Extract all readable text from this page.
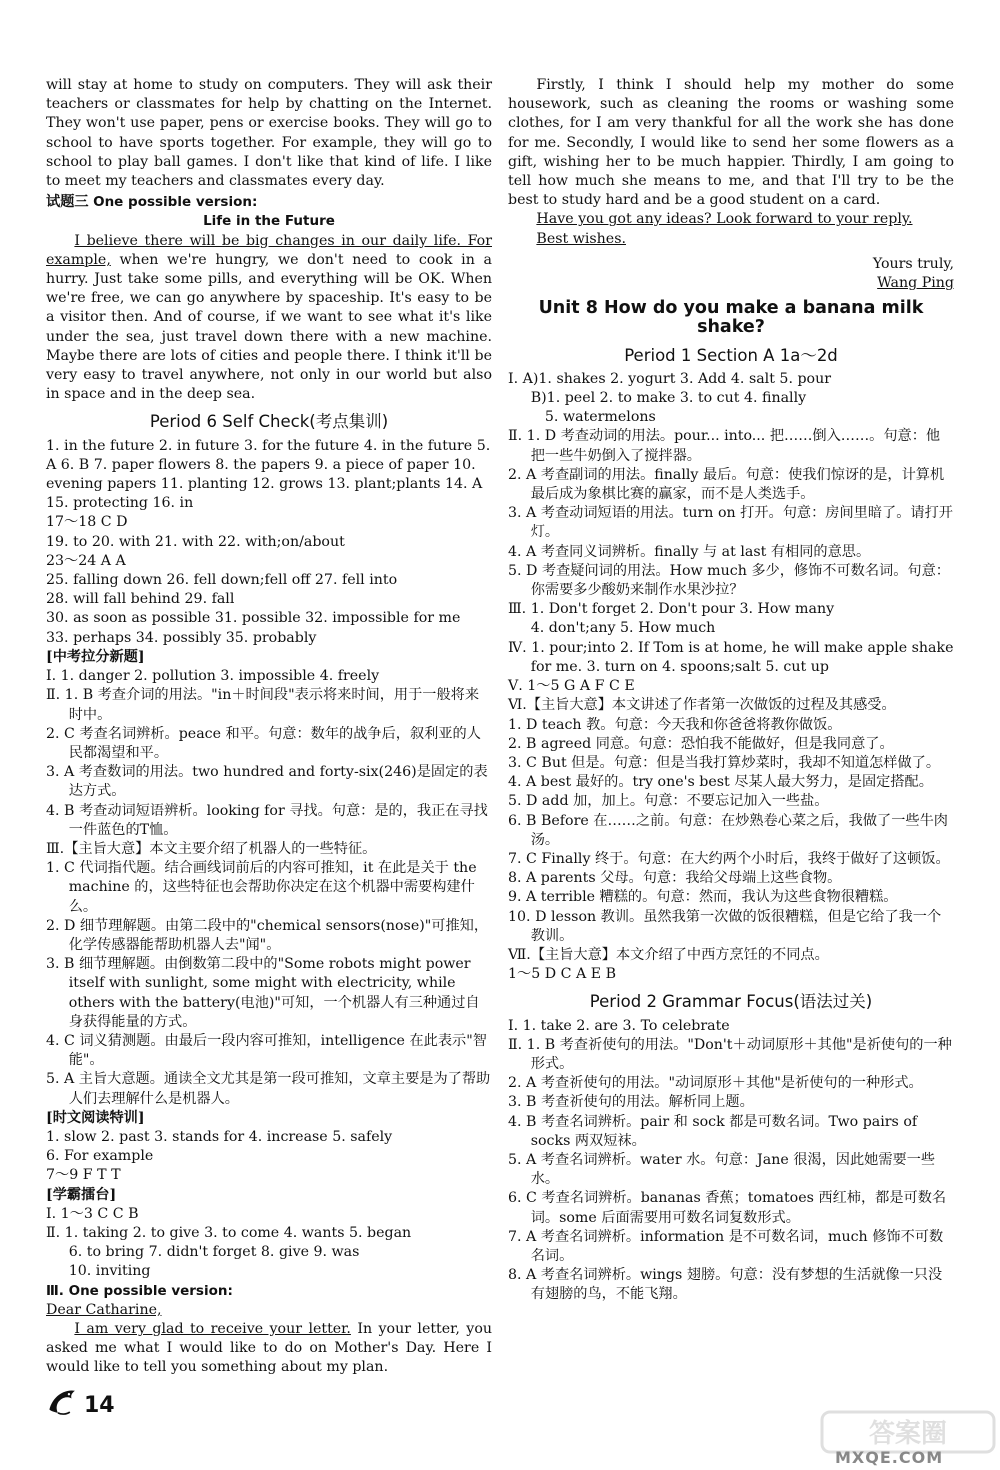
will stay at home to study on computers. They will ask their teachers or classmates for help by chatting on the Internet. They won't use paper, pens or exercise books. They will go to school to have sports together. For example, they will go to school to play ball games. I don't like that kind of life. I like to meet my teachers and classmates every day.

试题三 One possible version:

Life in the Future

I believe there will be big changes in our daily life. For example, when we're hungry, we don't need to cook in a hurry. Just take some pills, and everything will be OK. When we're free, we can go anywhere by spaceship. It's easy to be a visitor then. And of course, if we want to see what it's like under the sea, just travel down there with a new machine. Maybe there are lots of cities and people there. I think it'll be very easy to travel anywhere, not only in our world but also in space and in the deep sea.

Period 6 Self Check(考点集训)

1. in the future 2. in future 3. for the future 4. in the future 5. A 6. B 7. paper flowers 8. the papers 9. a piece of paper 10. evening papers 11. planting 12. grows 13. plant;plants 14. A 15. protecting 16. in

17～18 C D

19. to 20. with 21. with 22. with;on/about

23～24 A A

25. falling down 26. fell down;fell off 27. fell into

28. will fall behind 29. fall

30. as soon as possible 31. possible 32. impossible for me

33. perhaps 34. possibly 35. probably

[中考拉分新题]

Ⅰ. 1. danger 2. pollution 3. impossible 4. freely

Ⅱ. 1. B 考查介词的用法。"in＋时间段"表示将来时间，用于一般将来时中。

2. C 考查名词辨析。peace 和平。句意：数年的战争后，叙利亚的人民都渴望和平。

3. A 考查数词的用法。two hundred and forty-six(246)是固定的表达方式。

4. B 考查动词短语辨析。looking for 寻找。句意：是的，我正在寻找一件蓝色的T恤。

Ⅲ.【主旨大意】本文主要介绍了机器人的一些特征。

1. C 代词指代题。结合画线词前后的内容可推知，it 在此是关于 the machine 的，这些特征也会帮助你决定在这个机器中需要构建什么。

2. D 细节理解题。由第二段中的"chemical sensors(nose)"可推知，化学传感器能帮助机器人去"闻"。

3. B 细节理解题。由倒数第二段中的"Some robots might power itself with sunlight, some might with electricity, while others with the battery(电池)"可知，一个机器人有三种通过自身获得能量的方式。

4. C 词义猜测题。由最后一段内容可推知，intelligence 在此表示"智能"。

5. A 主旨大意题。通读全文尤其是第一段可推知，文章主要是为了帮助人们去理解什么是机器人。

[时文阅读特训]

1. slow 2. past 3. stands for 4. increase 5. safely

6. For example

7～9 F T T

[学霸擂台]

Ⅰ. 1～3 C C B

Ⅱ. 1. taking 2. to give 3. to come 4. wants 5. began

6. to bring 7. didn't forget 8. give 9. was

10. inviting

Ⅲ. One possible version:

Dear Catharine,

I am very glad to receive your letter. In your letter, you asked me what I would like to do on Mother's Day. Here I would like to tell you something about my plan.

Firstly, I think I should help my mother do some housework, such as cleaning the rooms or washing some clothes, for I am very thankful for all the work she has done for me. Secondly, I would like to send her some flowers as a gift, wishing her to be much happier. Thirdly, I am going to tell how much she means to me, and that I'll try to be the best to study hard and be a good student on a card.

Have you got any ideas? Look forward to your reply.

Best wishes.

Yours truly,

Wang Ping

Unit 8 How do you make a banana milk shake?
Period 1 Section A 1a～2d

Ⅰ. A)1. shakes 2. yogurt 3. Add 4. salt 5. pour

B)1. peel 2. to make 3. to cut 4. finally

5. watermelons

Ⅱ. 1. D 考查动词的用法。pour... into... 把……倒入……。句意：他把一些牛奶倒入了搅拌器。

2. A 考查副词的用法。finally 最后。句意：使我们惊讶的是，计算机最后成为象棋比赛的赢家，而不是人类选手。

3. A 考查动词短语的用法。turn on 打开。句意：房间里暗了。请打开灯。

4. A 考查同义词辨析。finally 与 at last 有相同的意思。

5. D 考查疑问词的用法。How much 多少，修饰不可数名词。句意：你需要多少酸奶来制作水果沙拉？

Ⅲ. 1. Don't forget 2. Don't pour 3. How many

4. don't;any 5. How much

Ⅳ. 1. pour;into 2. If Tom is at home, he will make apple shake for me. 3. turn on 4. spoons;salt 5. cut up

Ⅴ. 1～5 G A F C E

Ⅵ.【主旨大意】本文讲述了作者第一次做饭的过程及其感受。

1. D teach 教。句意：今天我和你爸爸将教你做饭。

2. B agreed 同意。句意：恐怕我不能做好，但是我同意了。

3. C But 但是。句意：但是当我打算炒菜时，我却不知道怎样做了。

4. A best 最好的。try one's best 尽某人最大努力，是固定搭配。

5. D add 加，加上。句意：不要忘记加入一些盐。

6. B Before 在……之前。句意：在炒熟卷心菜之后，我做了一些牛肉汤。

7. C Finally 终于。句意：在大约两个小时后，我终于做好了这顿饭。

8. A parents 父母。句意：我给父母端上这些食物。

9. A terrible 糟糕的。句意：然而，我认为这些食物很糟糕。

10. D lesson 教训。虽然我第一次做的饭很糟糕，但是它给了我一个教训。

Ⅶ.【主旨大意】本文介绍了中西方烹饪的不同点。

1～5 D C A E B

Period 2 Grammar Focus(语法过关)

Ⅰ. 1. take 2. are 3. To celebrate

Ⅱ. 1. B 考查祈使句的用法。"Don't＋动词原形＋其他"是祈使句的一种形式。

2. A 考查祈使句的用法。"动词原形＋其他"是祈使句的一种形式。

3. B 考查祈使句的用法。解析同上题。

4. B 考查名词辨析。pair 和 sock 都是可数名词。Two pairs of socks 两双短袜。

5. A 考查名词辨析。water 水。句意：Jane 很渴，因此她需要一些水。

6. C 考查名词辨析。bananas 香蕉；tomatoes 西红柿，都是可数名词。some 后面需要用可数名词复数形式。

7. A 考查名词辨析。information 是不可数名词，much 修饰不可数名词。

8. A 考查名词辨析。wings 翅膀。句意：没有梦想的生活就像一只没有翅膀的鸟，不能飞翔。

14
答案圈
MXQE.COM
